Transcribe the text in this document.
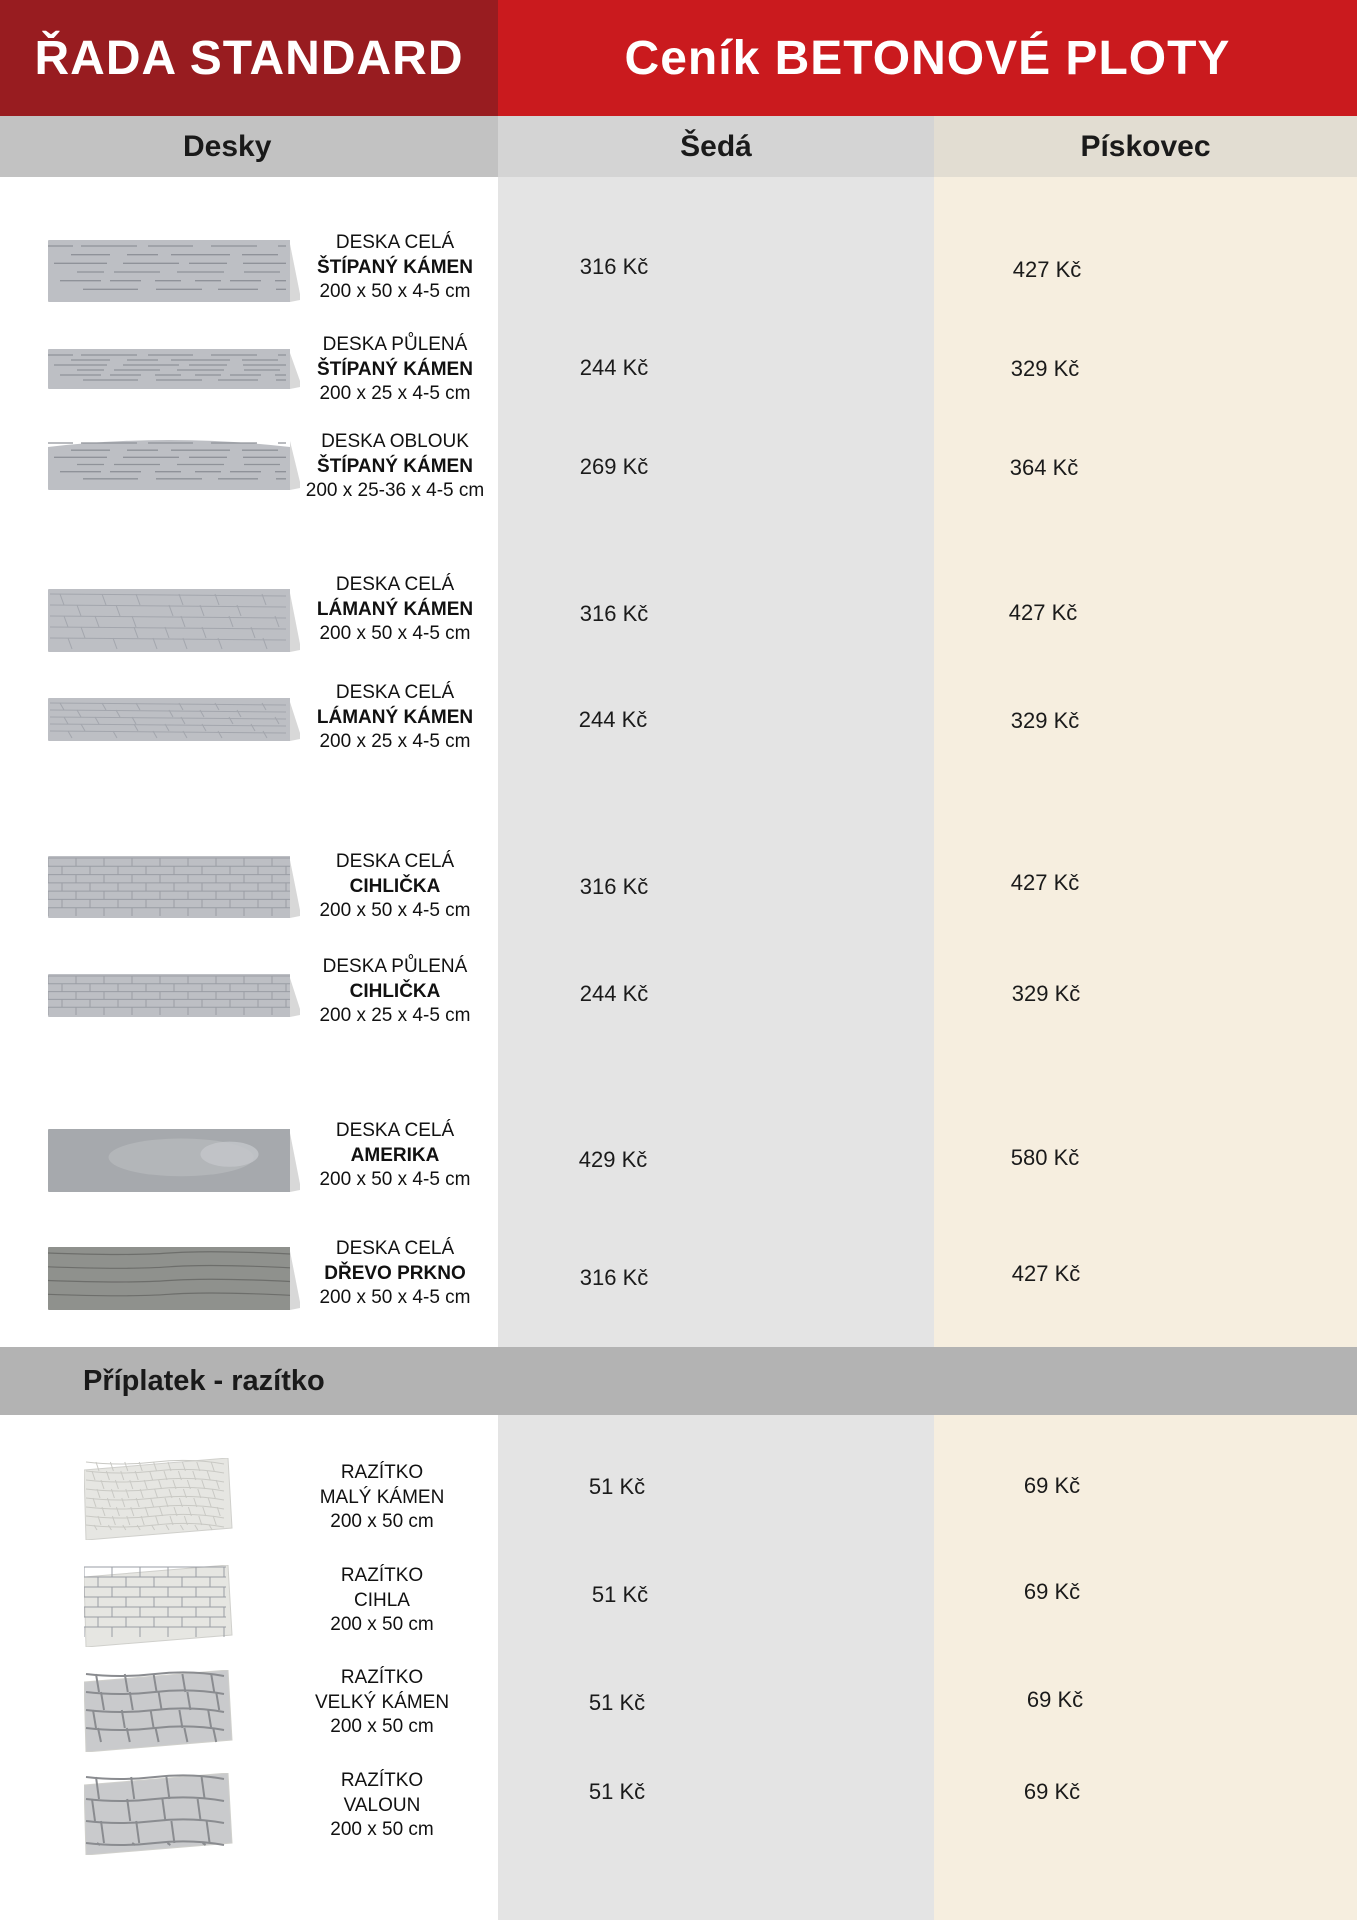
ŘADA STANDARD	Ceník BETONOVÉ PLOTY
Desky	Šedá	Pískovec
Příplatek - razítko
DESKA CELÁ
ŠTÍPANÝ KÁMEN
200 x 50 x 4-5 cm
316 Kč	427 Kč
DESKA PŮLENÁ
ŠTÍPANÝ KÁMEN
200 x 25 x 4-5 cm
244 Kč	329 Kč
DESKA OBLOUK
ŠTÍPANÝ KÁMEN
200 x 25-36 x 4-5 cm
269 Kč	364 Kč
DESKA CELÁ
LÁMANÝ KÁMEN
200 x 50 x 4-5 cm
316 Kč	427 Kč
DESKA CELÁ
LÁMANÝ KÁMEN
200 x 25 x 4-5 cm
244 Kč	329 Kč
DESKA CELÁ
CIHLIČKA
200 x 50 x 4-5 cm
316 Kč	427 Kč
DESKA PŮLENÁ
CIHLIČKA
200 x 25 x 4-5 cm
244 Kč	329 Kč
DESKA CELÁ
AMERIKA
200 x 50 x 4-5 cm
429 Kč	580 Kč
DESKA CELÁ
DŘEVO PRKNO
200 x 50 x 4-5 cm
316 Kč	427 Kč
RAZÍTKO
MALÝ KÁMEN
200 x 50 cm
51 Kč	69 Kč
RAZÍTKO
CIHLA
200 x 50 cm
51 Kč	69 Kč
RAZÍTKO
VELKÝ KÁMEN
200 x 50 cm
51 Kč	69 Kč
RAZÍTKO
VALOUN
200 x 50 cm
51 Kč	69 Kč
